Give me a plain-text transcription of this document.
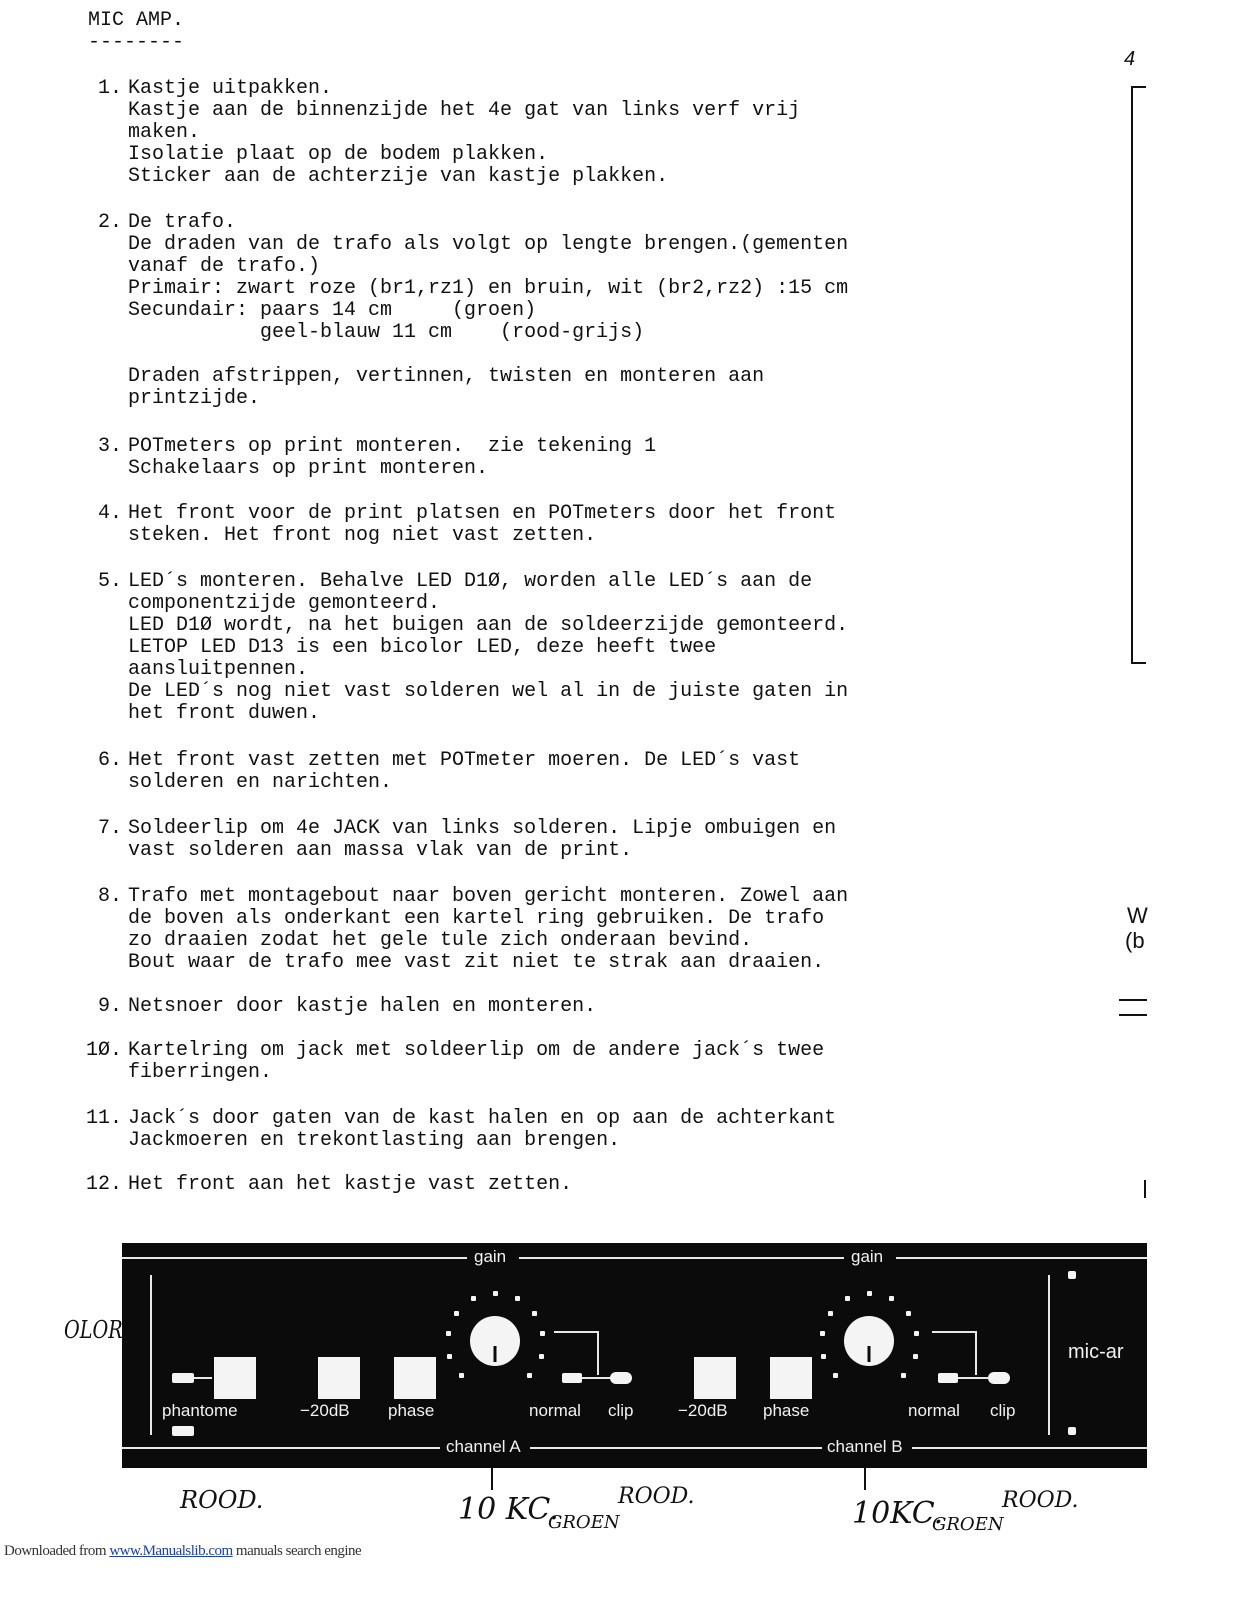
MIC AMP.
--------
1. Kastje uitpakken.
Kastje aan de binnenzijde het 4e gat van links verf vrij
maken.
Isolatie plaat op de bodem plakken.
Sticker aan de achterzije van kastje plakken.
2. De trafo.
De draden van de trafo als volgt op lengte brengen.(gementen
vanaf de trafo.)
Primair: zwart roze (br1,rz1) en bruin, wit (br2,rz2) :15 cm
Secundair: paars 14 cm     (groen)
geel-blauw 11 cm    (rood-grijs)
Draden afstrippen, vertinnen, twisten en monteren aan
printzijde.
3. POTmeters op print monteren.  zie tekening 1
Schakelaars op print monteren.
4. Het front voor de print platsen en POTmeters door het front
steken. Het front nog niet vast zetten.
5. LED´s monteren. Behalve LED D1Ø, worden alle LED´s aan de
componentzijde gemonteerd.
LED D1Ø wordt, na het buigen aan de soldeerzijde gemonteerd.
LETOP LED D13 is een bicolor LED, deze heeft twee
aansluitpennen.
De LED´s nog niet vast solderen wel al in de juiste gaten in
het front duwen.
6. Het front vast zetten met POTmeter moeren. De LED´s vast
solderen en narichten.
7. Soldeerlip om 4e JACK van links solderen. Lipje ombuigen en
vast solderen aan massa vlak van de print.
8. Trafo met montagebout naar boven gericht monteren. Zowel aan
de boven als onderkant een kartel ring gebruiken. De trafo
zo draaien zodat het gele tule zich onderaan bevind.
Bout waar de trafo mee vast zit niet te strak aan draaien.
9. Netsnoer door kastje halen en monteren.
1Ø. Kartelring om jack met soldeerlip om de andere jack´s twee
fiberringen.
11. Jack´s door gaten van de kast halen en op aan de achterkant
Jackmoeren en trekontlasting aan brengen.
12. Het front aan het kastje vast zetten.
4
W
(b
gain	gain
phantome	−20dB phase	normal clip	−20dB phase	normal clip
mic-ar
channel A	channel B
OLOR.
ROOD.	10 KC.
GROEN
ROOD.	10KC.
GROEN
ROOD.
Downloaded from www.Manualslib.com manuals search engine
